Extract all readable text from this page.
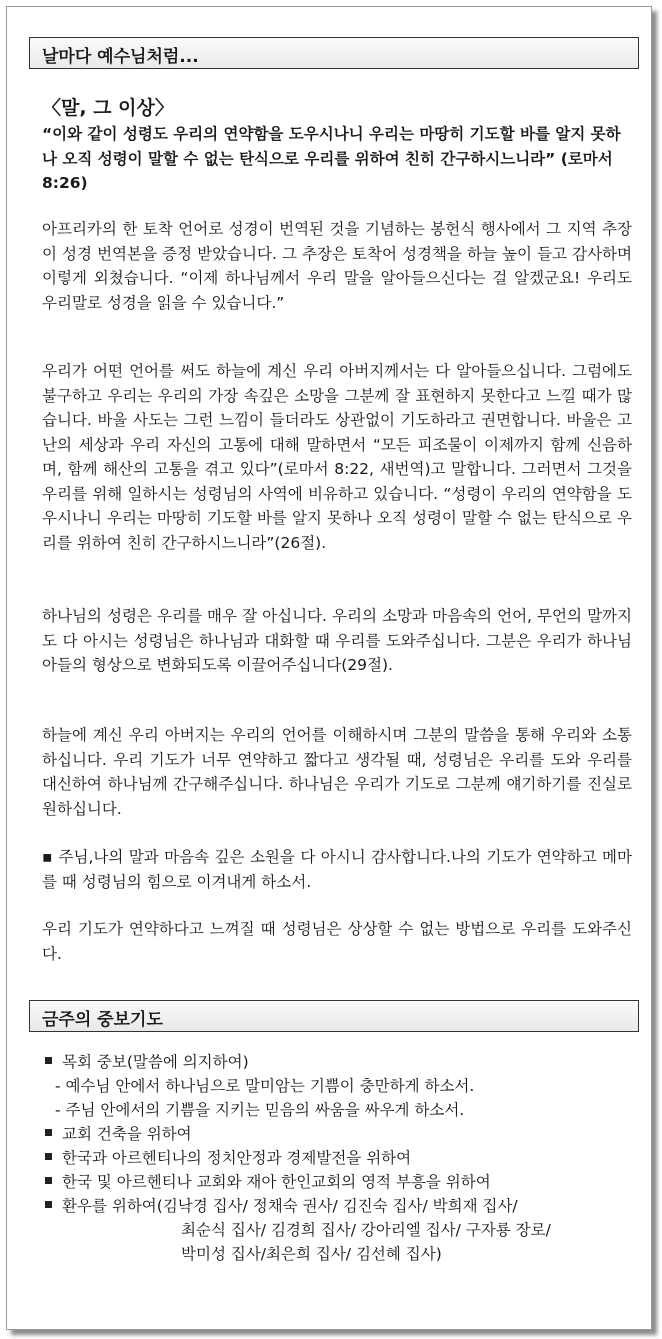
날마다 예수님처럼...
〈말, 그 이상〉
“이와 같이 성령도 우리의 연약함을 도우시나니 우리는 마땅히 기도할 바를 알지 못하나 오직 성령이 말할 수 없는 탄식으로 우리를 위하여 친히 간구하시느니라” (로마서 8:26)
아프리카의 한 토착 언어로 성경이 번역된 것을 기념하는 봉헌식 행사에서 그 지역 추장이 성경 번역본을 증정 받았습니다. 그 추장은 토착어 성경책을 하늘 높이 들고 감사하며 이렇게 외쳤습니다. “이제 하나님께서 우리 말을 알아들으신다는 걸 알겠군요! 우리도 우리말로 성경을 읽을 수 있습니다.”
우리가 어떤 언어를 써도 하늘에 계신 우리 아버지께서는 다 알아들으십니다. 그럼에도 불구하고 우리는 우리의 가장 속깊은 소망을 그분께 잘 표현하지 못한다고 느낄 때가 많습니다. 바울 사도는 그런 느낌이 들더라도 상관없이 기도하라고 권면합니다. 바울은 고난의 세상과 우리 자신의 고통에 대해 말하면서 “모든 피조물이 이제까지 함께 신음하며, 함께 해산의 고통을 겪고 있다”(로마서 8:22, 새번역)고 말합니다. 그러면서 그것을 우리를 위해 일하시는 성령님의 사역에 비유하고 있습니다. “성령이 우리의 연약함을 도우시나니 우리는 마땅히 기도할 바를 알지 못하나 오직 성령이 말할 수 없는 탄식으로 우리를 위하여 친히 간구하시느니라”(26절).
하나님의 성령은 우리를 매우 잘 아십니다. 우리의 소망과 마음속의 언어, 무언의 말까지도 다 아시는 성령님은 하나님과 대화할 때 우리를 도와주십니다. 그분은 우리가 하나님 아들의 형상으로 변화되도록 이끌어주십니다(29절).
하늘에 계신 우리 아버지는 우리의 언어를 이해하시며 그분의 말씀을 통해 우리와 소통하십니다. 우리 기도가 너무 연약하고 짧다고 생각될 때, 성령님은 우리를 도와 우리를 대신하여 하나님께 간구해주십니다. 하나님은 우리가 기도로 그분께 얘기하기를 진실로 원하십니다.
▪ 주님,나의 말과 마음속 깊은 소원을 다 아시니 감사합니다.나의 기도가 연약하고 메마를 때 성령님의 힘으로 이겨내게 하소서.
우리 기도가 연약하다고 느껴질 때 성령님은 상상할 수 없는 방법으로 우리를 도와주신다.
금주의 중보기도
목회 중보(말씀에 의지하여)
- 예수님 안에서 하나님으로 말미암는 기쁨이 충만하게 하소서.
- 주님 안에서의 기쁨을 지키는 믿음의 싸움을 싸우게 하소서.
교회 건축을 위하여
한국과 아르헨티나의 정치안정과 경제발전을 위하여
한국 및 아르헨티나 교회와 재아 한인교회의 영적 부흥을 위하여
환우를 위하여(김낙경 집사/ 정채숙 권사/ 김진숙 집사/ 박희재 집사/
최순식 집사/ 김경희 집사/ 강아리엘 집사/ 구자룡 장로/
박미성 집사/최은희 집사/ 김선혜 집사)
